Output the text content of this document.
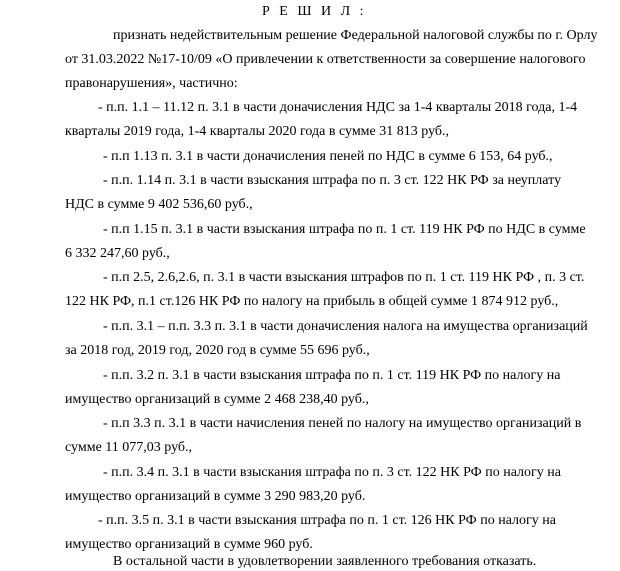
Р Е Ш И Л :
признать недействительным решение Федеральной налоговой службы по г. Орлу
от 31.03.2022 №17-10/09 «О привлечении к ответственности за совершение налогового
правонарушения», частично:
- п.п. 1.1 – 11.12 п. 3.1 в части доначисления НДС за 1-4 кварталы 2018 года, 1-4
кварталы 2019 года, 1-4 кварталы 2020 года в сумме 31 813 руб.,
- п.п 1.13 п. 3.1 в части доначисления пеней по НДС в сумме 6 153, 64 руб.,
- п.п. 1.14 п. 3.1 в части взыскания штрафа по п. 3 ст. 122 НК РФ за неуплату
НДС в сумме 9 402 536,60 руб.,
- п.п 1.15 п. 3.1 в части взыскания штрафа по п. 1 ст. 119 НК РФ по НДС в сумме
6 332 247,60 руб.,
- п.п 2.5, 2.6,2.6, п. 3.1 в части взыскания штрафов по п. 1 ст. 119 НК РФ , п. 3 ст.
122 НК РФ, п.1 ст.126 НК РФ по налогу на прибыль в общей сумме 1 874 912 руб.,
- п.п. 3.1 – п.п. 3.3 п. 3.1 в части доначисления налога на имущества организаций
за 2018 год, 2019 год, 2020 год в сумме 55 696 руб.,
- п.п. 3.2 п. 3.1 в части взыскания штрафа по п. 1 ст. 119 НК РФ по налогу на
имущество организаций в сумме 2 468 238,40 руб.,
- п.п 3.3 п. 3.1 в части начисления пеней по налогу на имущество организаций в
сумме 11 077,03 руб.,
- п.п. 3.4 п. 3.1 в части взыскания штрафа по п. 3 ст. 122 НК РФ по налогу на
имущество организаций в сумме 3 290 983,20 руб.
- п.п. 3.5 п. 3.1 в части взыскания штрафа по п. 1 ст. 126 НК РФ по налогу на
имущество организаций в сумме 960 руб.
В остальной части в удовлетворении заявленного требования отказать.
